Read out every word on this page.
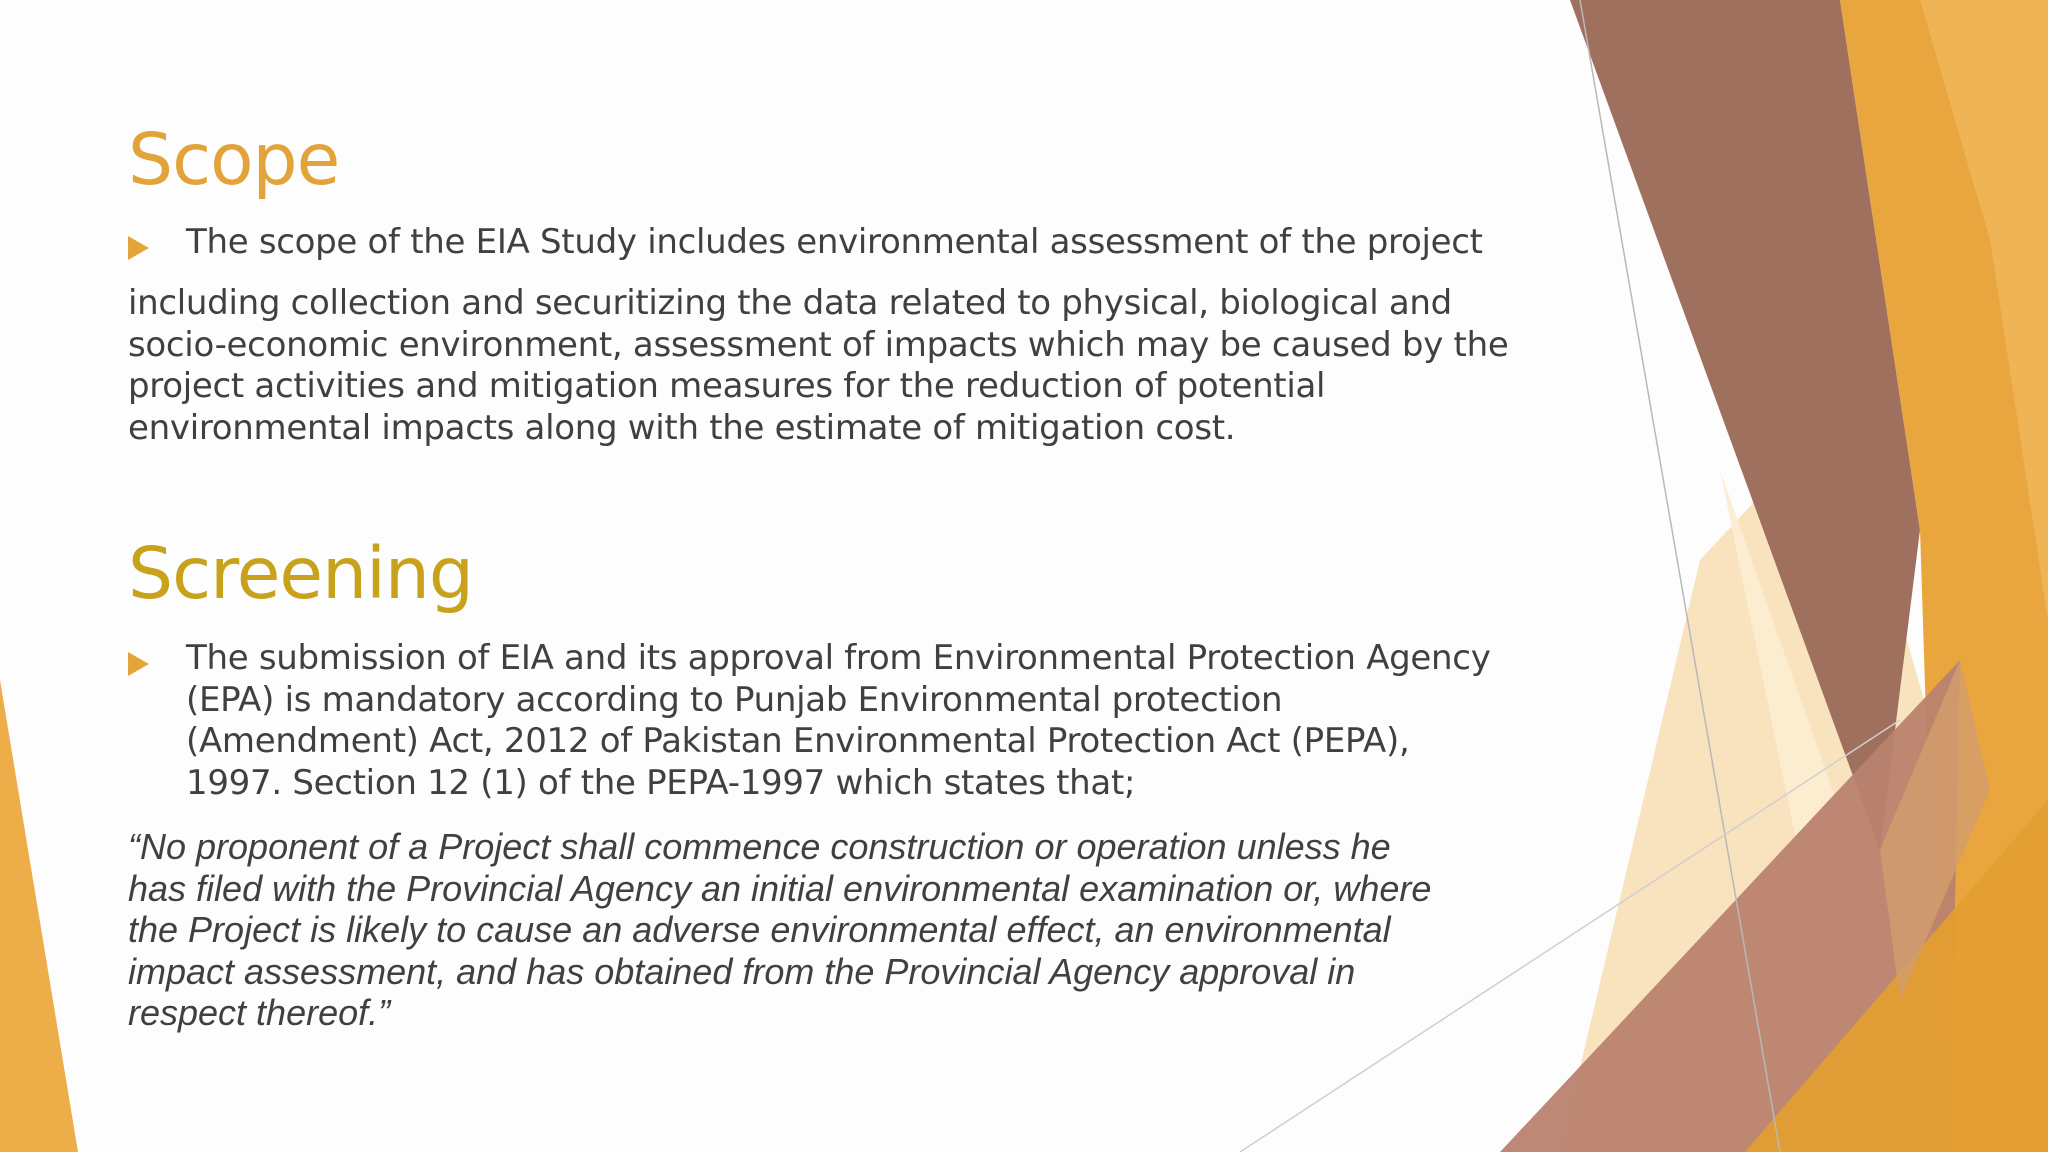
Scope
The scope of the EIA Study includes environmental assessment of the project
including collection and securitizing the data related to physical, biological and
socio-economic environment, assessment of impacts which may be caused by the
project activities and mitigation measures for the reduction of potential
environmental impacts along with the estimate of mitigation cost.
Screening
The submission of EIA and its approval from Environmental Protection Agency
(EPA) is mandatory according to Punjab Environmental protection
(Amendment) Act, 2012 of Pakistan Environmental Protection Act (PEPA),
1997. Section 12 (1) of the PEPA-1997 which states that;
“No proponent of a Project shall commence construction or operation unless he
has filed with the Provincial Agency an initial environmental examination or, where
the Project is likely to cause an adverse environmental effect, an environmental
impact assessment, and has obtained from the Provincial Agency approval in
respect thereof.”
